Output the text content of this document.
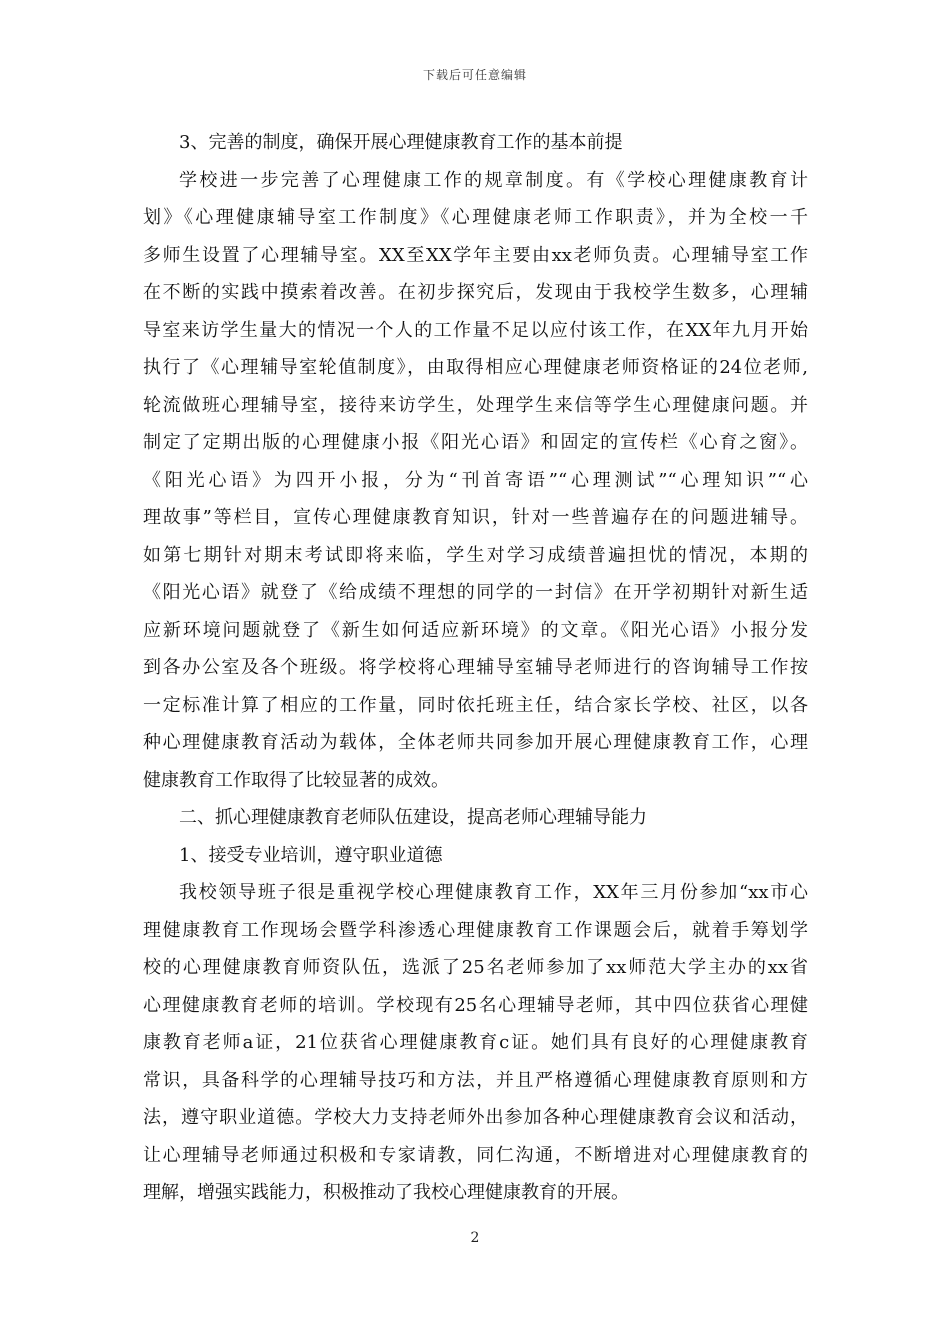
下载后可任意编辑
3、完善的制度，确保开展心理健康教育工作的基本前提
学校进一步完善了心理健康工作的规章制度。有《学校心理健康教育计
划》《心理健康辅导室工作制度》《心理健康老师工作职责》，并为全校一千
多师生设置了心理辅导室。XX至XX学年主要由xx老师负责。心理辅导室工作
在不断的实践中摸索着改善。在初步探究后，发现由于我校学生数多，心理辅
导室来访学生量大的情况一个人的工作量不足以应付该工作，在XX年九月开始
执行了《心理辅导室轮值制度》，由取得相应心理健康老师资格证的24位老师,
轮流做班心理辅导室，接待来访学生，处理学生来信等学生心理健康问题。并
制定了定期出版的心理健康小报《阳光心语》和固定的宣传栏《心育之窗》。
《阳光心语》为四开小报，分为“刊首寄语”“心理测试”“心理知识”“心
理故事”等栏目，宣传心理健康教育知识，针对一些普遍存在的问题进辅导。
如第七期针对期末考试即将来临，学生对学习成绩普遍担忧的情况，本期的
《阳光心语》就登了《给成绩不理想的同学的一封信》在开学初期针对新生适
应新环境问题就登了《新生如何适应新环境》的文章。《阳光心语》小报分发
到各办公室及各个班级。将学校将心理辅导室辅导老师进行的咨询辅导工作按
一定标准计算了相应的工作量，同时依托班主任，结合家长学校、社区，以各
种心理健康教育活动为载体，全体老师共同参加开展心理健康教育工作，心理
健康教育工作取得了比较显著的成效。
二、抓心理健康教育老师队伍建设，提高老师心理辅导能力
1、接受专业培训，遵守职业道德
我校领导班子很是重视学校心理健康教育工作，XX年三月份参加“xx市心
理健康教育工作现场会暨学科渗透心理健康教育工作课题会后，就着手筹划学
校的心理健康教育师资队伍，选派了25名老师参加了xx师范大学主办的xx省
心理健康教育老师的培训。学校现有25名心理辅导老师，其中四位获省心理健
康教育老师a证，21位获省心理健康教育c证。她们具有良好的心理健康教育
常识，具备科学的心理辅导技巧和方法，并且严格遵循心理健康教育原则和方
法，遵守职业道德。学校大力支持老师外出参加各种心理健康教育会议和活动，
让心理辅导老师通过积极和专家请教，同仁沟通，不断增进对心理健康教育的
理解，增强实践能力，积极推动了我校心理健康教育的开展。
2
